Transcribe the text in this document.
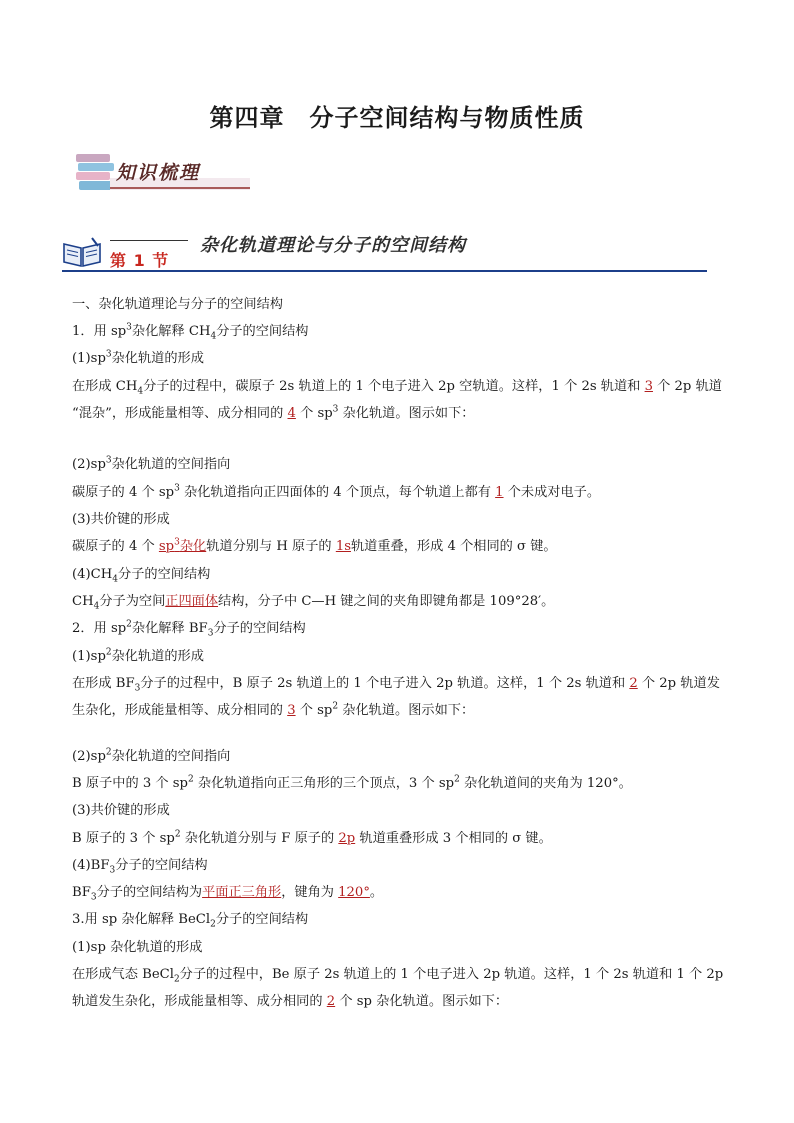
第四章　分子空间结构与物质性质
知识梳理
第 1 节
杂化轨道理论与分子的空间结构
一、杂化轨道理论与分子的空间结构
1．用 $sp^3$杂化解释 $CH_4$分子的空间结构
$(1)sp^3$杂化轨道的形成
在形成 $CH_4$分子的过程中，碳原子 2s 轨道上的 1 个电子进入 2p 空轨道。这样，1 个 2s 轨道和 3 个 2p 轨道
“混杂”，形成能量相等、成分相同的 4 个 $sp^3$ 杂化轨道。图示如下：
$(2)sp^3$杂化轨道的空间指向
碳原子的 4 个 $sp^3$ 杂化轨道指向正四面体的 4 个顶点，每个轨道上都有 1 个未成对电子。
(3)共价键的形成
碳原子的 4 个 $sp^3$杂化轨道分别与 H 原子的 1s轨道重叠，形成 4 个相同的 σ 键。
$(4)CH_4$分子的空间结构
$CH_4$分子为空间正四面体结构，分子中 C—H 键之间的夹角即键角都是 109°28′。
2．用 $sp^2$杂化解释 $BF_3$分子的空间结构
$(1)sp^2$杂化轨道的形成
在形成 $BF_3$分子的过程中，B 原子 2s 轨道上的 1 个电子进入 2p 轨道。这样，1 个 2s 轨道和 2 个 2p 轨道发
生杂化，形成能量相等、成分相同的 3 个 $sp^2$ 杂化轨道。图示如下：
$(2)sp^2$杂化轨道的空间指向
B 原子中的 3 个 $sp^2$ 杂化轨道指向正三角形的三个顶点，3 个 $sp^2$ 杂化轨道间的夹角为 120°。
(3)共价键的形成
B 原子的 3 个 $sp^2$ 杂化轨道分别与 F 原子的 2p 轨道重叠形成 3 个相同的 σ 键。
$(4)BF_3$分子的空间结构
$BF_3$分子的空间结构为平面正三角形，键角为 120°。
3.用 sp 杂化解释 BeCl$_2$分子的空间结构
(1)sp 杂化轨道的形成
在形成气态 BeCl$_2$分子的过程中，Be 原子 2s 轨道上的 1 个电子进入 2p 轨道。这样，1 个 2s 轨道和 1 个 2p
轨道发生杂化，形成能量相等、成分相同的 2 个 sp 杂化轨道。图示如下：
